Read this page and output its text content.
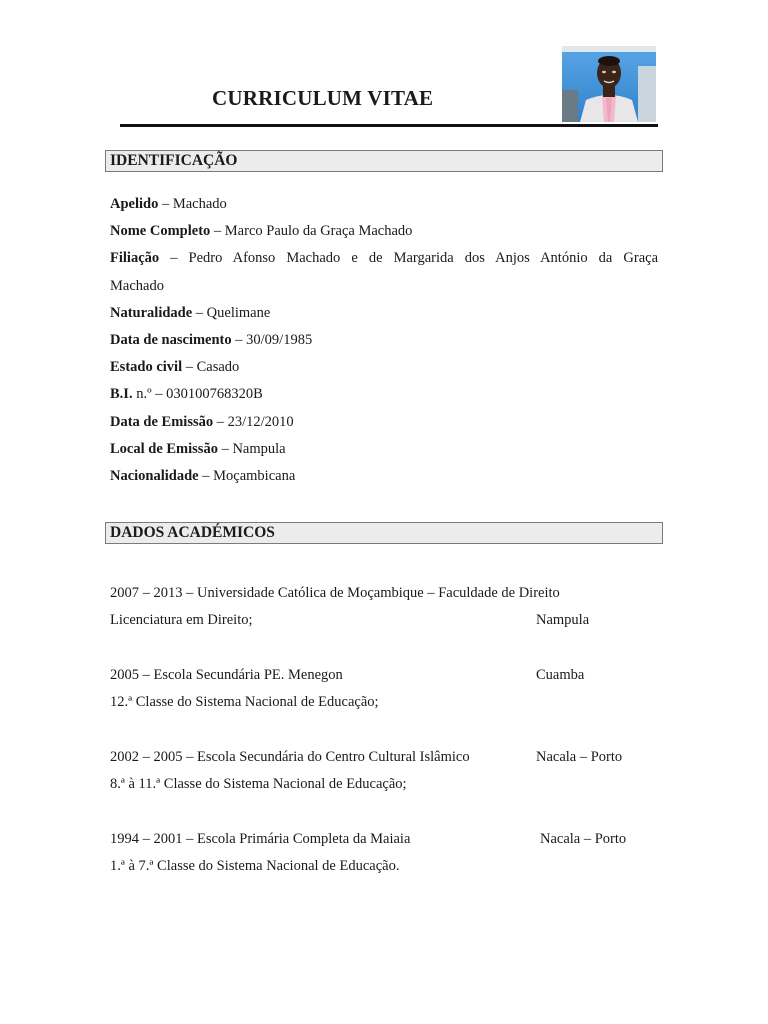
CURRICULUM VITAE
IDENTIFICAÇÃO
Apelido – Machado
Nome Completo – Marco Paulo da Graça Machado
Filiação – Pedro Afonso Machado e de Margarida dos Anjos António da Graça
Machado
Naturalidade – Quelimane
Data de nascimento – 30/09/1985
Estado civil – Casado
B.I. n.º – 030100768320B
Data de Emissão – 23/12/2010
Local de Emissão – Nampula
Nacionalidade – Moçambicana
DADOS ACADÉMICOS
2007 – 2013 – Universidade Católica de Moçambique – Faculdade de Direito
Licenciatura em Direito;	Nampula
2005 – Escola Secundária PE. Menegon	Cuamba
12.ª Classe do Sistema Nacional de Educação;
2002 – 2005 – Escola Secundária do Centro Cultural Islâmico	Nacala – Porto
8.ª à 11.ª Classe do Sistema Nacional de Educação;
1994 – 2001 – Escola Primária Completa da Maiaia	Nacala – Porto
1.ª à 7.ª Classe do Sistema Nacional de Educação.
